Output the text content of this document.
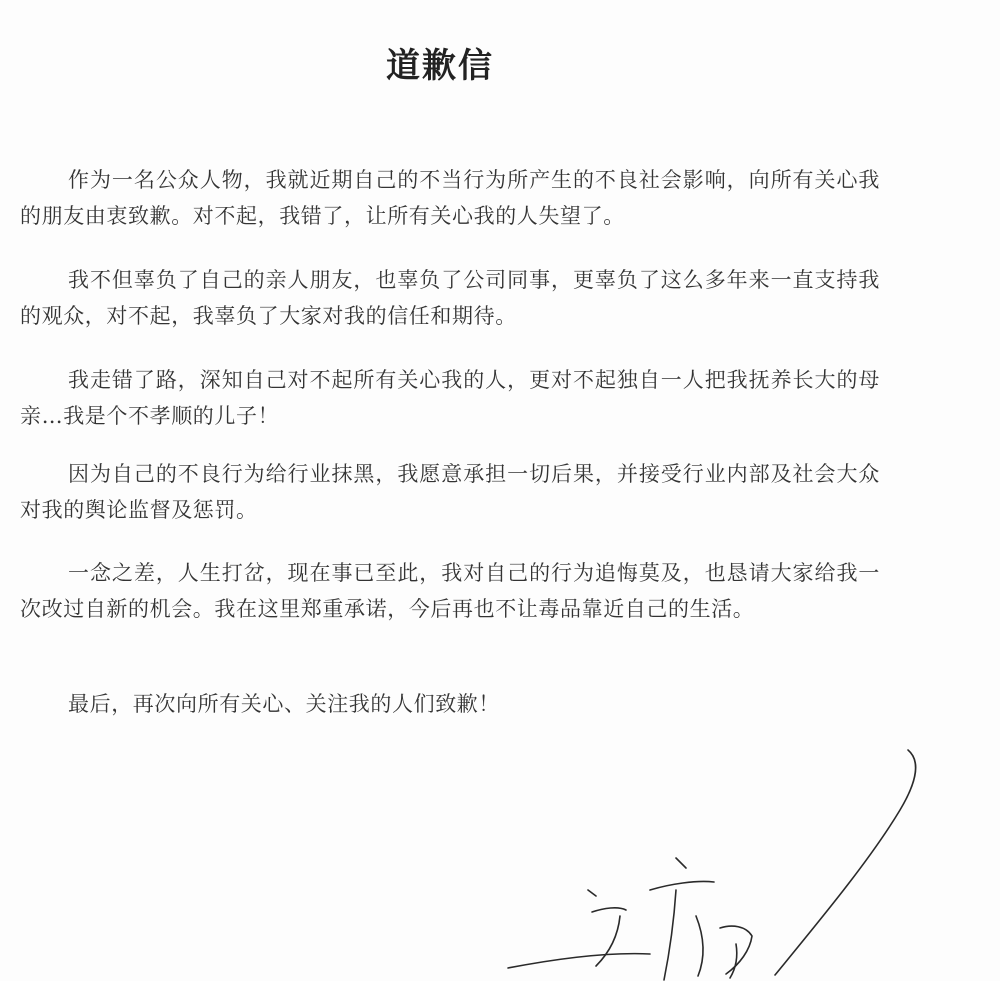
道歉信

作为一名公众人物，我就近期自己的不当行为所产生的不良社会影响，向所有关心我的朋友由衷致歉。对不起，我错了，让所有关心我的人失望了。

我不但辜负了自己的亲人朋友，也辜负了公司同事，更辜负了这么多年来一直支持我的观众，对不起，我辜负了大家对我的信任和期待。

我走错了路，深知自己对不起所有关心我的人，更对不起独自一人把我抚养长大的母亲…我是个不孝顺的儿子！

因为自己的不良行为给行业抹黑，我愿意承担一切后果，并接受行业内部及社会大众对我的舆论监督及惩罚。

一念之差，人生打岔，现在事已至此，我对自己的行为追悔莫及，也恳请大家给我一次改过自新的机会。我在这里郑重承诺，今后再也不让毒品靠近自己的生活。

最后，再次向所有关心、关注我的人们致歉！
